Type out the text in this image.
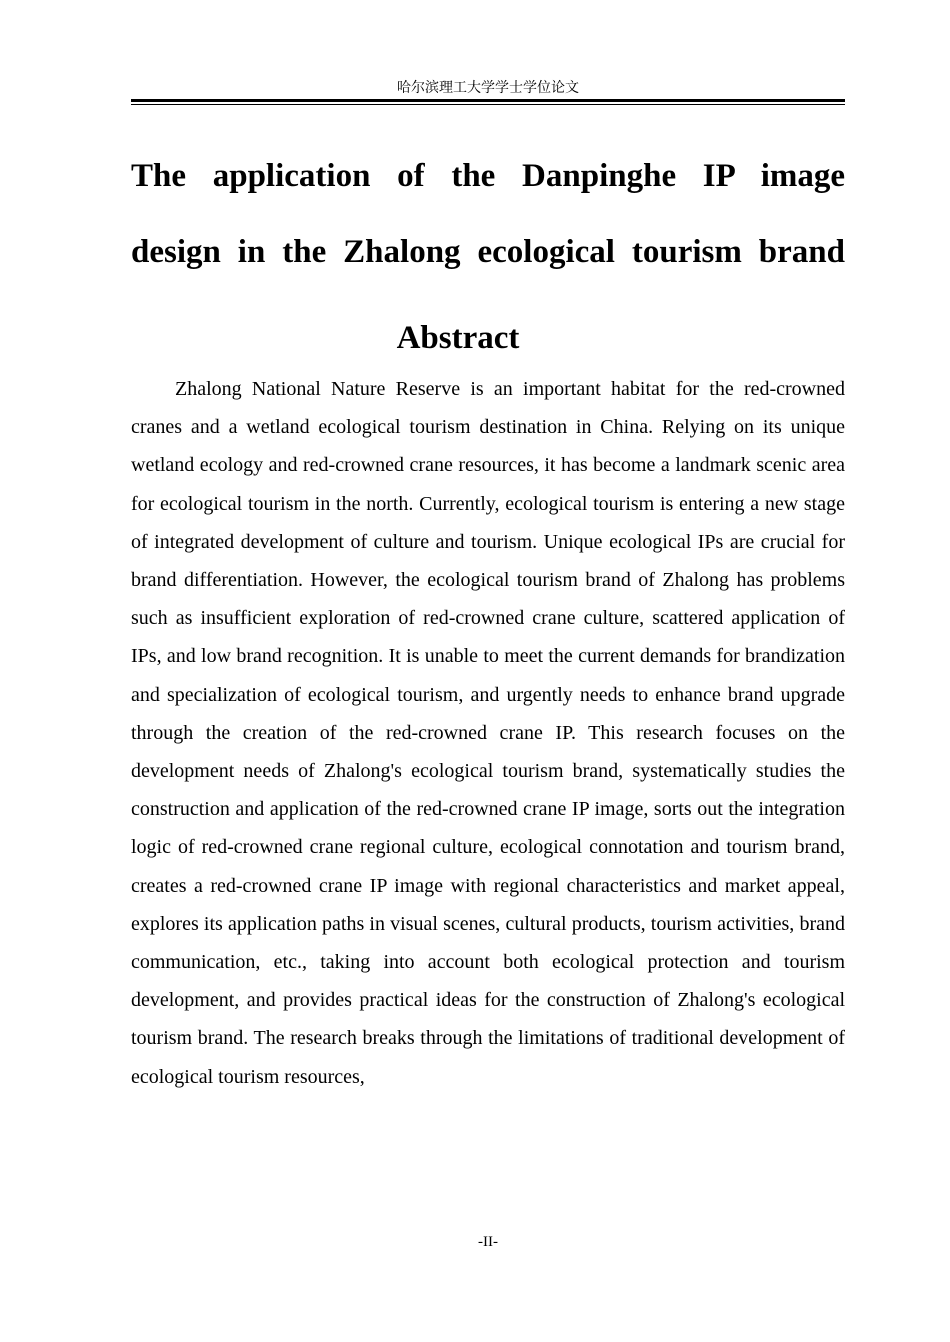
哈尔滨理工大学学士学位论文
The application of the Danpinghe IP image
design in the Zhalong ecological tourism brand
Abstract

Zhalong National Nature Reserve is an important habitat for the red-crowned cranes and a wetland ecological tourism destination in China. Relying on its unique wetland ecology and red-crowned crane resources, it has become a landmark scenic area for ecological tourism in the north. Currently, ecological tourism is entering a new stage of integrated development of culture and tourism. Unique ecological IPs are crucial for brand differentiation. However, the ecological tourism brand of Zhalong has problems such as insufficient exploration of red-crowned crane culture, scattered application of IPs, and low brand recognition. It is unable to meet the current demands for brandization and specialization of ecological tourism, and urgently needs to enhance brand upgrade through the creation of the red-crowned crane IP. This research focuses on the development needs of Zhalong's ecological tourism brand, systematically studies the construction and application of the red-crowned crane IP image, sorts out the integration logic of red-crowned crane regional culture, ecological connotation and tourism brand, creates a red-crowned crane IP image with regional characteristics and market appeal, explores its application paths in visual scenes, cultural products, tourism activities, brand communication, etc., taking into account both ecological protection and tourism development, and provides practical ideas for the construction of Zhalong's ecological tourism brand. The research breaks through the limitations of traditional development of ecological tourism resources,

-II-
